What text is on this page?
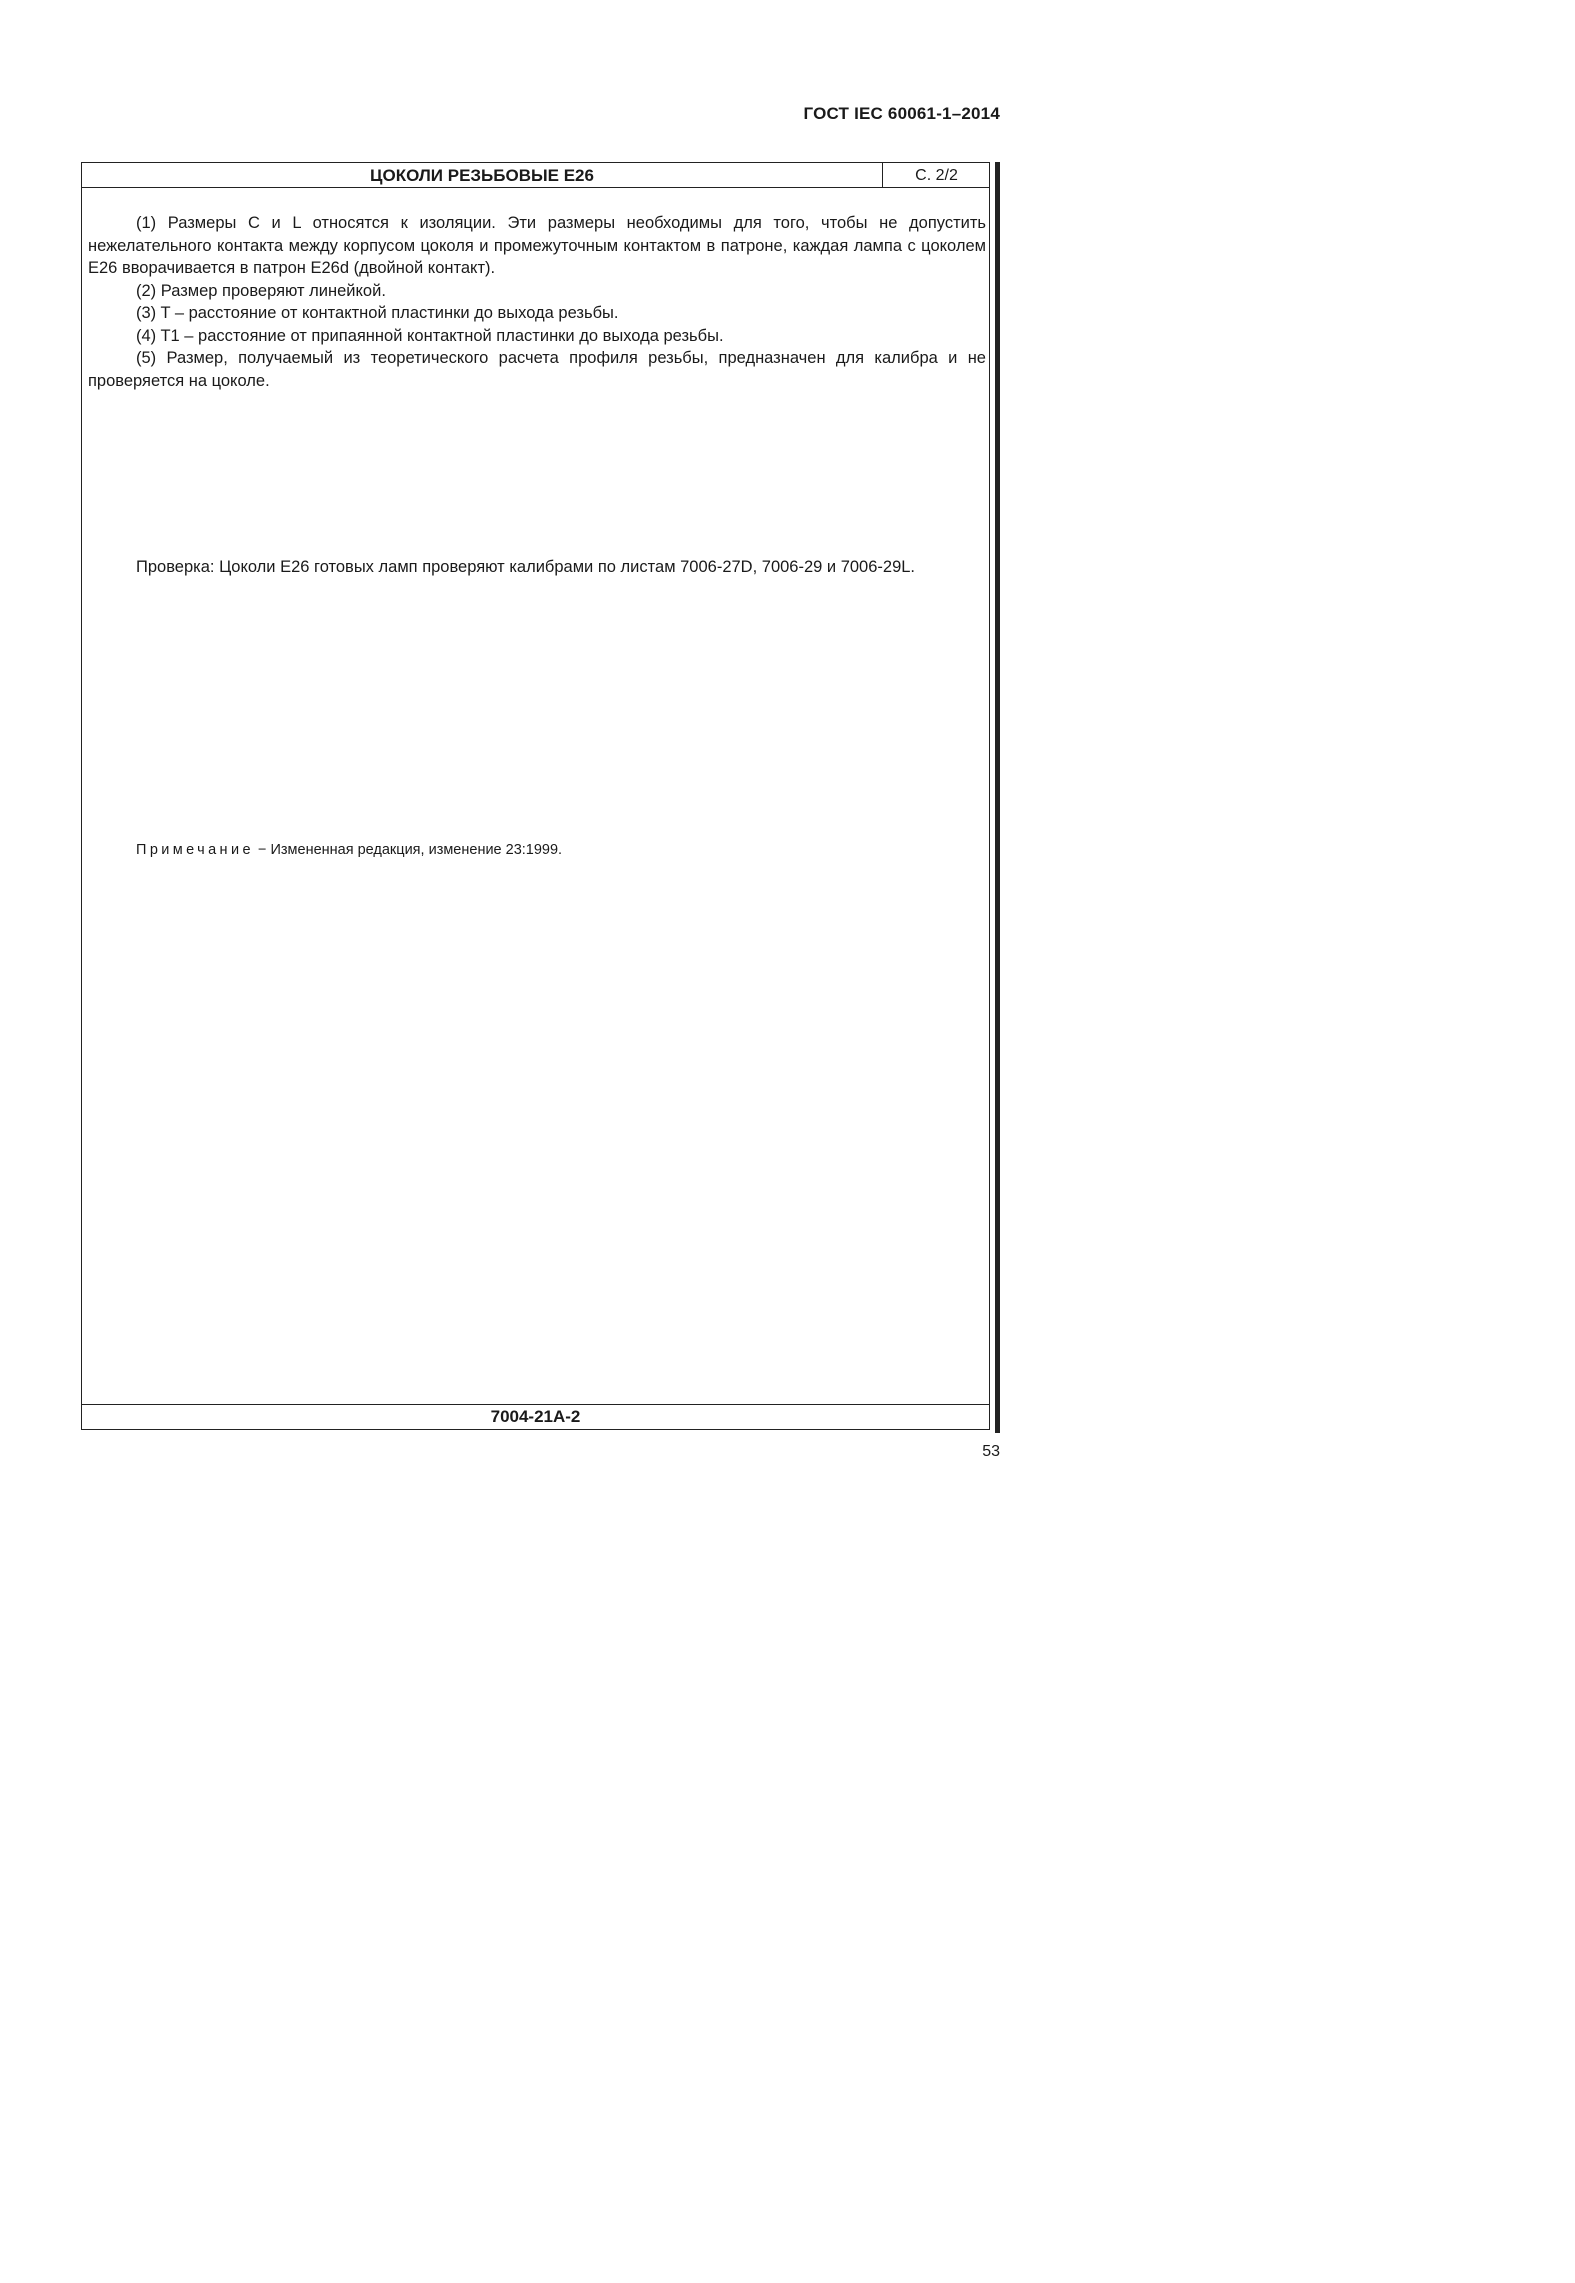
ГОСТ IEC 60061-1–2014
ЦОКОЛИ РЕЗЬБОВЫЕ Е26	С. 2/2

(1) Размеры С и L относятся к изоляции. Эти размеры необходимы для того, чтобы не допустить нежелательного контакта между корпусом цоколя и промежуточным контактом в патроне, каждая лампа с цоколем Е26 вворачивается в патрон Е26d (двойной контакт).

(2) Размер проверяют линейкой.

(3) T – расстояние от контактной пластинки до выхода резьбы.

(4) T1 – расстояние от припаянной контактной пластинки до выхода резьбы.

(5) Размер, получаемый из теоретического расчета профиля резьбы, предназначен для калибра и не проверяется на цоколе.

Проверка: Цоколи Е26 готовых ламп проверяют калибрами по листам 7006-27D, 7006-29 и 7006-29L.

Примечание − Измененная редакция, изменение 23:1999.
7004-21А-2
53
